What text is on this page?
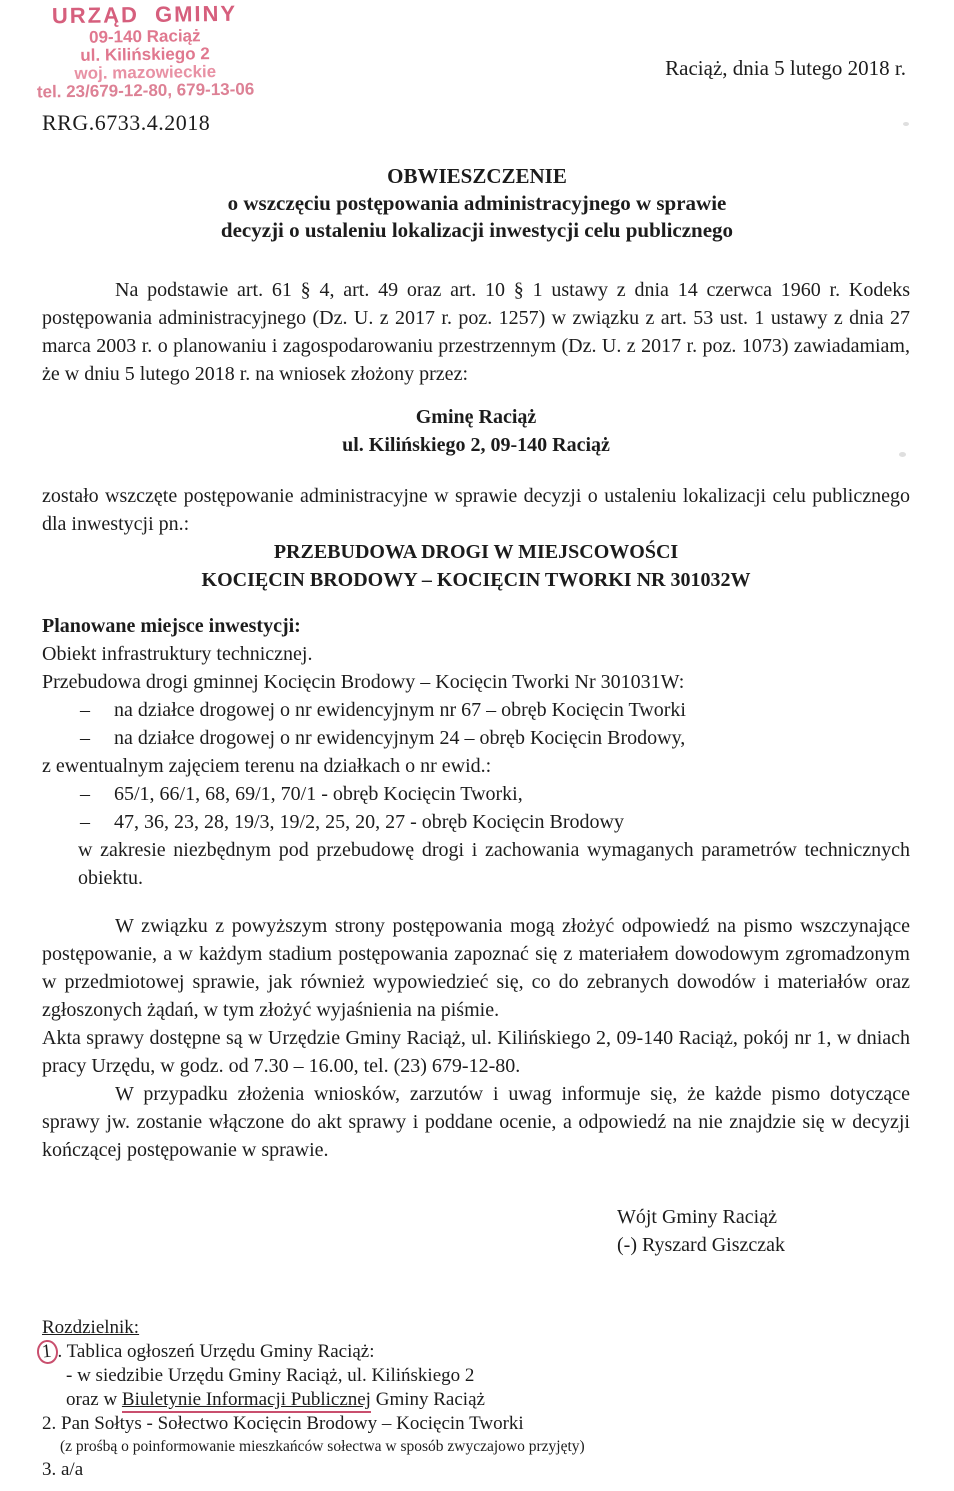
URZĄD GMINY
09-140 Raciąż
ul. Kilińskiego 2
woj. mazowieckie
tel. 23/679-12-80, 679-13-06
Raciąż, dnia 5 lutego 2018 r.
RRG.6733.4.2018
OBWIESZCZENIE
o wszczęciu postępowania administracyjnego w sprawie
decyzji o ustaleniu lokalizacji inwestycji celu publicznego

Na podstawie art. 61 § 4, art. 49 oraz art. 10 § 1 ustawy z dnia 14 czerwca 1960 r. Kodeks postępowania administracyjnego (Dz. U. z 2017 r. poz. 1257) w związku z art. 53 ust. 1 ustawy z dnia 27 marca 2003 r. o planowaniu i zagospodarowaniu przestrzennym (Dz. U. z 2017 r. poz. 1073) zawiadamiam, że w dniu 5 lutego 2018 r. na wniosek złożony przez:

Gminę Raciąż
ul. Kilińskiego 2, 09-140 Raciąż

zostało wszczęte postępowanie administracyjne w sprawie decyzji o ustaleniu lokalizacji celu publicznego dla inwestycji pn.:

PRZEBUDOWA DROGI W MIEJSCOWOŚCI
KOCIĘCIN BRODOWY – KOCIĘCIN TWORKI NR 301032W
Planowane miejsce inwestycji:
Obiekt infrastruktury technicznej.
Przebudowa drogi gminnej Kocięcin Brodowy – Kocięcin Tworki Nr 301031W:
–	na działce drogowej o nr ewidencyjnym nr 67 – obręb Kocięcin Tworki
–	na działce drogowej o nr ewidencyjnym 24 – obręb Kocięcin Brodowy,
z ewentualnym zajęciem terenu na działkach o nr ewid.:
–	65/1, 66/1, 68, 69/1, 70/1 - obręb Kocięcin Tworki,
–	47, 36, 23, 28, 19/3, 19/2, 25, 20, 27 - obręb Kocięcin Brodowy
w zakresie niezbędnym pod przebudowę drogi i zachowania wymaganych parametrów technicznych obiektu.

W związku z powyższym strony postępowania mogą złożyć odpowiedź na pismo wszczynające postępowanie, a w każdym stadium postępowania zapoznać się z materiałem dowodowym zgromadzonym w przedmiotowej sprawie, jak również wypowiedzieć się, co do zebranych dowodów i materiałów oraz zgłoszonych żądań, w tym złożyć wyjaśnienia na piśmie.

Akta sprawy dostępne są w Urzędzie Gminy Raciąż, ul. Kilińskiego 2, 09-140 Raciąż, pokój nr 1, w dniach pracy Urzędu, w godz. od 7.30 – 16.00, tel. (23) 679-12-80.

W przypadku złożenia wniosków, zarzutów i uwag informuje się, że każde pismo dotyczące sprawy jw. zostanie włączone do akt sprawy i poddane ocenie, a odpowiedź na nie znajdzie się w decyzji kończącej postępowanie w sprawie.

Wójt Gminy Raciąż
(-) Ryszard Giszczak
Rozdzielnik:
1 . Tablica ogłoszeń Urzędu Gminy Raciąż:
- w siedzibie Urzędu Gminy Raciąż, ul. Kilińskiego 2
oraz w Biuletynie Informacji Publicznej Gminy Raciąż
2. Pan Sołtys - Sołectwo Kocięcin Brodowy – Kocięcin Tworki
(z prośbą o poinformowanie mieszkańców sołectwa w sposób zwyczajowo przyjęty)
3. a/a
